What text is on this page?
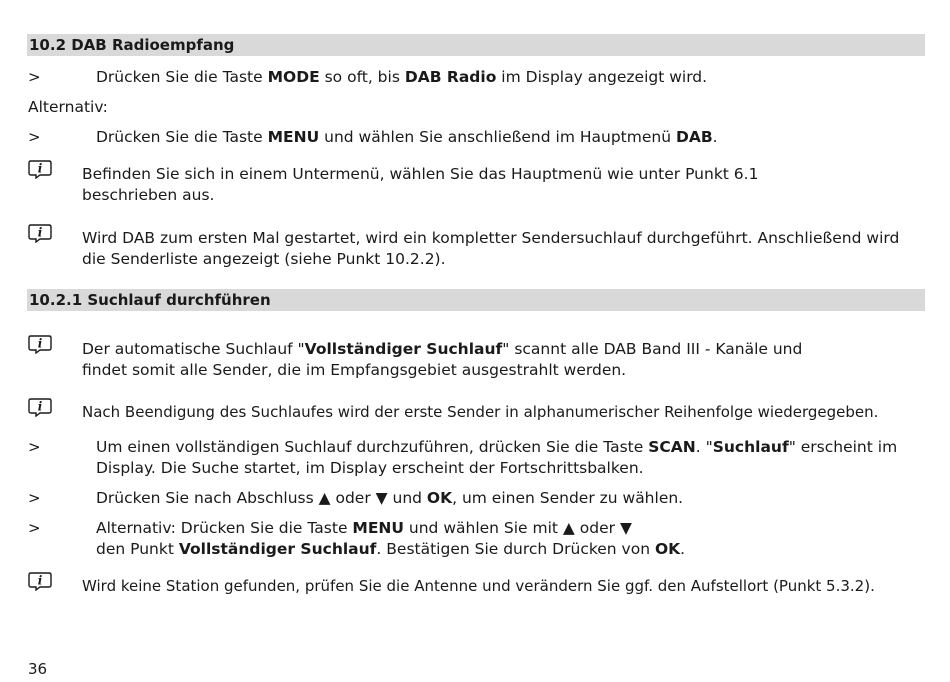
10.2 DAB Radioempfang
>	Drücken Sie die Taste MODE so oft, bis DAB Radio im Display angezeigt wird.
Alternativ:
>	Drücken Sie die Taste MENU und wählen Sie anschließend im Hauptmenü DAB.
i	Befinden Sie sich in einem Untermenü, wählen Sie das Hauptmenü wie unter Punkt 6.1
beschrieben aus.
i	Wird DAB zum ersten Mal gestartet, wird ein kompletter Sendersuchlauf durchgeführt. Anschließend wird
die Senderliste angezeigt (siehe Punkt 10.2.2).
10.2.1 Suchlauf durchführen
i	Der automatische Suchlauf "Vollständiger Suchlauf" scannt alle DAB Band III - Kanäle und
findet somit alle Sender, die im Empfangsgebiet ausgestrahlt werden.
i	Nach Beendigung des Suchlaufes wird der erste Sender in alphanumerischer Reihenfolge wiedergegeben.
>	Um einen vollständigen Suchlauf durchzuführen, drücken Sie die Taste SCAN. "Suchlauf" erscheint im
Display. Die Suche startet, im Display erscheint der Fortschrittsbalken.
>	Drücken Sie nach Abschluss ▲ oder ▼ und OK, um einen Sender zu wählen.
>	Alternativ: Drücken Sie die Taste MENU und wählen Sie mit ▲ oder ▼
den Punkt Vollständiger Suchlauf. Bestätigen Sie durch Drücken von OK.
i	Wird keine Station gefunden, prüfen Sie die Antenne und verändern Sie ggf. den Aufstellort (Punkt 5.3.2).
36
